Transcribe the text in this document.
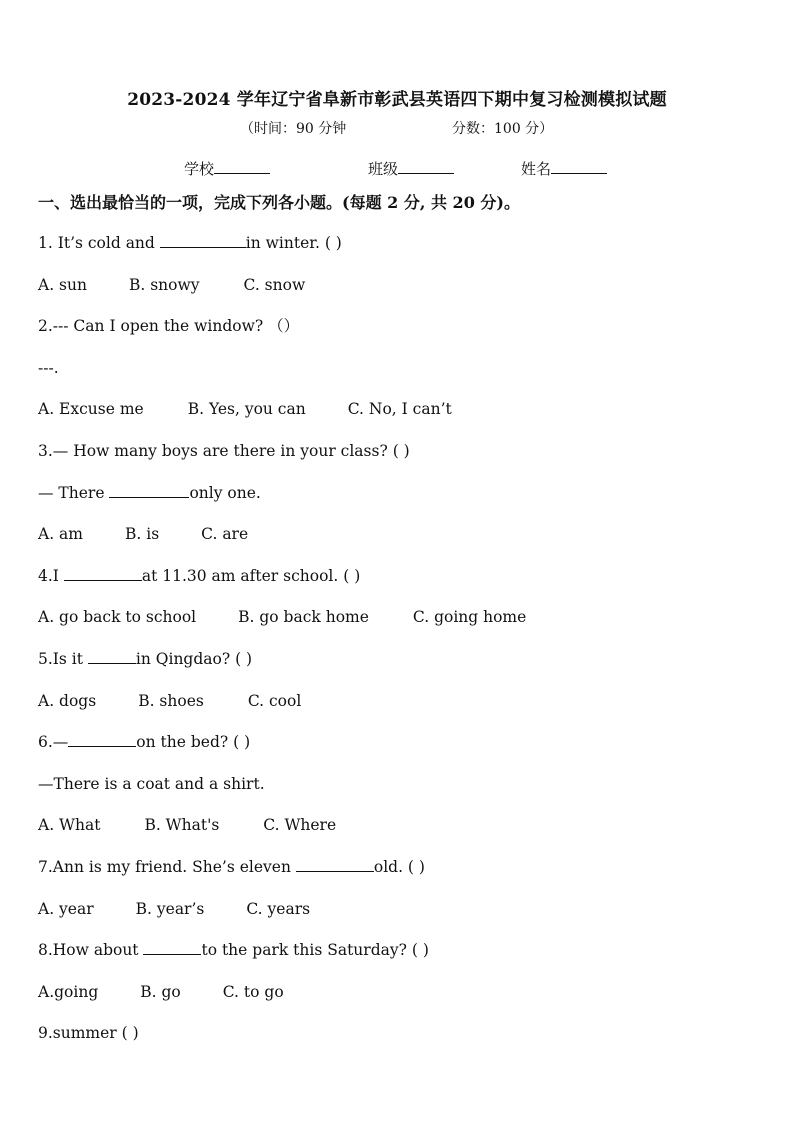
2023-2024 学年辽宁省阜新市彰武县英语四下期中复习检测模拟试题
（时间：90 分钟	分数：100 分）
学校	班级	姓名
一、选出最恰当的一项，完成下列各小题。(每题 2 分, 共 20 分)。
1. It’s cold and	in winter. ( )
A. sun	B. snowy	C. snow
2.--- Can I open the window? （）
---.
A. Excuse me	B. Yes, you can	C. No, I can’t
3.— How many boys are there in your class? ( )
— There	only one.
A. am	B. is	C. are
4.I	at 11.30 am after school. ( )
A. go back to school	B. go back home	C. going home
5.Is it	in Qingdao? ( )
A. dogs	B. shoes	C. cool
6.—	on the bed? ( )
—There is a coat and a shirt.
A. What	B. What's	C. Where
7.Ann is my friend. She’s eleven	old. ( )
A. year	B. year’s	C. years
8.How about	to the park this Saturday? ( )
A.going	B. go	C. to go
9.summer ( )
